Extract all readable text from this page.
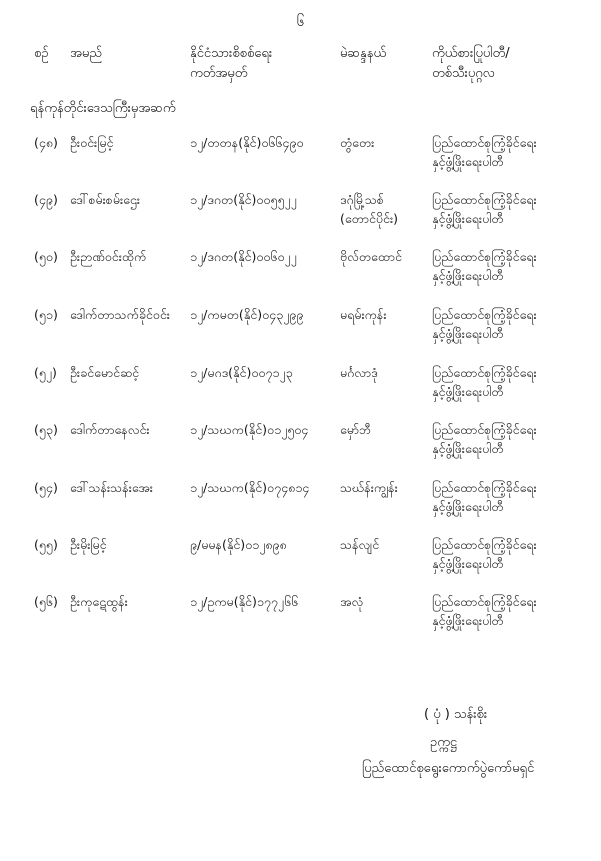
၆
စဉ် အမည်	နိုင်ငံသားစိစစ်ရေး
ကတ်အမှတ်
မဲဆန္ဒနယ်	ကိုယ်စားပြုပါတီ/
တစ်သီးပုဂ္ဂလ
ရန်ကုန်တိုင်းဒေသကြီးမှအဆက်
(၄၈) ဦးဝင်းမြင့်	၁၂/တတန(နိုင်)၀၆၆၄၉၀	တွံတေး	ပြည်ထောင်စုကြံ့ခိုင်ရေး
နှင့်ဖွံ့ဖြိုးရေးပါတီ
(၄၉) ဒေါ်စမ်းစမ်းဌေး	၁၂/ဒဂတ(နိုင်)၀၀၅၅၂၂	ဒဂုံမြို့သစ်
(တောင်ပိုင်း)
ပြည်ထောင်စုကြံ့ခိုင်ရေး
နှင့်ဖွံ့ဖြိုးရေးပါတီ
(၅၀) ဦးဉာဏ်ဝင်းထိုက်	၁၂/ဒဂတ(နိုင်)၀၀၆၀၂၂	ဗိုလ်တထောင် ပြည်ထောင်စုကြံ့ခိုင်ရေး
နှင့်ဖွံ့ဖြိုးရေးပါတီ
(၅၁) ဒေါက်တာသက်ခိုင်ဝင်း ၁၂/ကမတ(နိုင်)၀၄၃၂၉၉	မရမ်းကုန်း	ပြည်ထောင်စုကြံ့ခိုင်ရေး
နှင့်ဖွံ့ဖြိုးရေးပါတီ
(၅၂) ဦးခင်မောင်ဆင့်	၁၂/မဂဒ(နိုင်)၀၀၇၁၂၃	မင်္ဂလာဒုံ	ပြည်ထောင်စုကြံ့ခိုင်ရေး
နှင့်ဖွံ့ဖြိုးရေးပါတီ
(၅၃) ဒေါက်တာနေလင်း	၁၂/သဃက(နိုင်)၀၁၂၅၀၄	မှော်ဘီ	ပြည်ထောင်စုကြံ့ခိုင်ရေး
နှင့်ဖွံ့ဖြိုးရေးပါတီ
(၅၄) ဒေါ်သန်းသန်းအေး	၁၂/သဃက(နိုင်)၀၇၄၈၁၄ သဃ်န်းကျွန်း	ပြည်ထောင်စုကြံ့ခိုင်ရေး
နှင့်ဖွံ့ဖြိုးရေးပါတီ
(၅၅) ဦးမိုးမြင့်	၉/မမန(နိုင်)၀၁၂၈၉၈	သန်လျင်	ပြည်ထောင်စုကြံ့ခိုင်ရေး
နှင့်ဖွံ့ဖြိုးရေးပါတီ
(၅၆) ဦးကုဋေထွန်း	၁၂/ဥကမ(နိုင်)၁၇၇၂၆၆	အလုံ	ပြည်ထောင်စုကြံ့ခိုင်ရေး
နှင့်ဖွံ့ဖြိုးရေးပါတီ
( ပုံ ) သန်းစိုး
ဥက္ကဋ္ဌ
ပြည်ထောင်စုရွေးကောက်ပွဲကော်မရှင်
